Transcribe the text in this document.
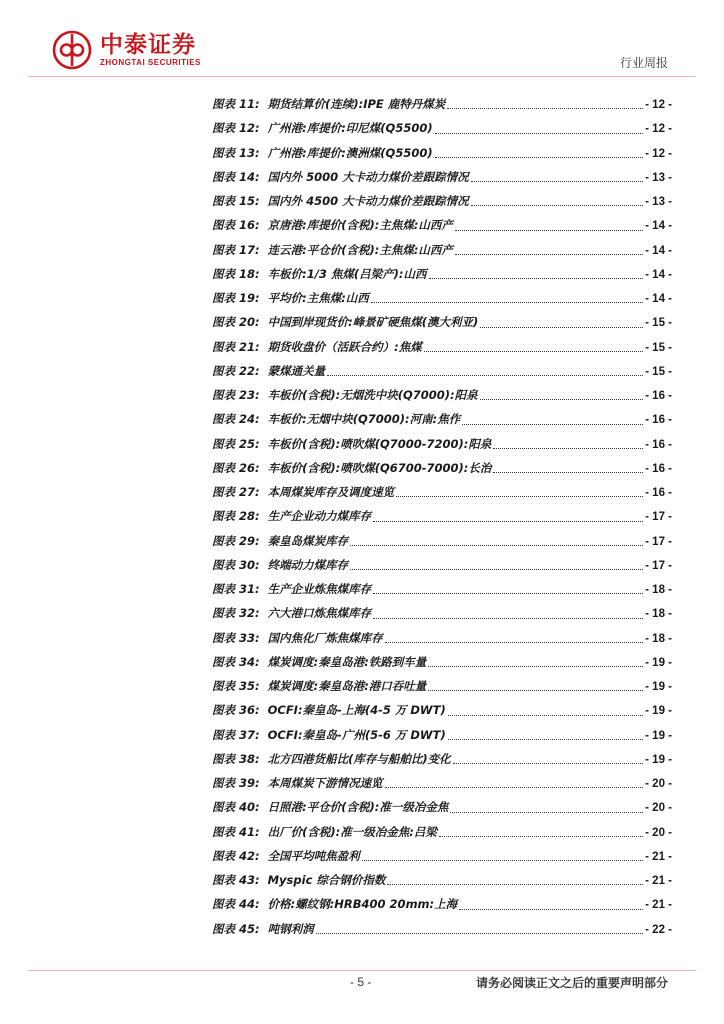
中泰证券
ZHONGTAI SECURITIES	行业周报
图表 11: 期货结算价(连续):IPE 鹿特丹煤炭	- 12 -
图表 12: 广州港:库提价:印尼煤(Q5500)	- 12 -
图表 13: 广州港:库提价:澳洲煤(Q5500)	- 12 -
图表 14: 国内外 5000 大卡动力煤价差跟踪情况	- 13 -
图表 15: 国内外 4500 大卡动力煤价差跟踪情况	- 13 -
图表 16: 京唐港:库提价(含税):主焦煤:山西产	- 14 -
图表 17: 连云港:平仓价(含税):主焦煤:山西产	- 14 -
图表 18: 车板价:1/3 焦煤(吕梁产):山西	- 14 -
图表 19: 平均价:主焦煤:山西	- 14 -
图表 20: 中国到岸现货价:峰景矿硬焦煤(澳大利亚)	- 15 -
图表 21: 期货收盘价（活跃合约）:焦煤	- 15 -
图表 22: 蒙煤通关量	- 15 -
图表 23: 车板价(含税):无烟洗中块(Q7000):阳泉	- 16 -
图表 24: 车板价:无烟中块(Q7000):河南:焦作	- 16 -
图表 25: 车板价(含税):喷吹煤(Q7000-7200):阳泉	- 16 -
图表 26: 车板价(含税):喷吹煤(Q6700-7000):长治	- 16 -
图表 27: 本周煤炭库存及调度速览	- 16 -
图表 28: 生产企业动力煤库存	- 17 -
图表 29: 秦皇岛煤炭库存	- 17 -
图表 30: 终端动力煤库存	- 17 -
图表 31: 生产企业炼焦煤库存	- 18 -
图表 32: 六大港口炼焦煤库存	- 18 -
图表 33: 国内焦化厂炼焦煤库存	- 18 -
图表 34: 煤炭调度:秦皇岛港:铁路到车量	- 19 -
图表 35: 煤炭调度:秦皇岛港:港口吞吐量	- 19 -
图表 36: OCFI:秦皇岛-上海(4-5 万 DWT)	- 19 -
图表 37: OCFI:秦皇岛-广州(5-6 万 DWT)	- 19 -
图表 38: 北方四港货船比(库存与船舶比)变化	- 19 -
图表 39: 本周煤炭下游情况速览	- 20 -
图表 40: 日照港:平仓价(含税):准一级冶金焦	- 20 -
图表 41: 出厂价(含税):准一级冶金焦:吕梁	- 20 -
图表 42: 全国平均吨焦盈利	- 21 -
图表 43: Myspic 综合钢价指数	- 21 -
图表 44: 价格:螺纹钢:HRB400 20mm:上海	- 21 -
图表 45: 吨钢利润	- 22 -
- 5 -	请务必阅读正文之后的重要声明部分
